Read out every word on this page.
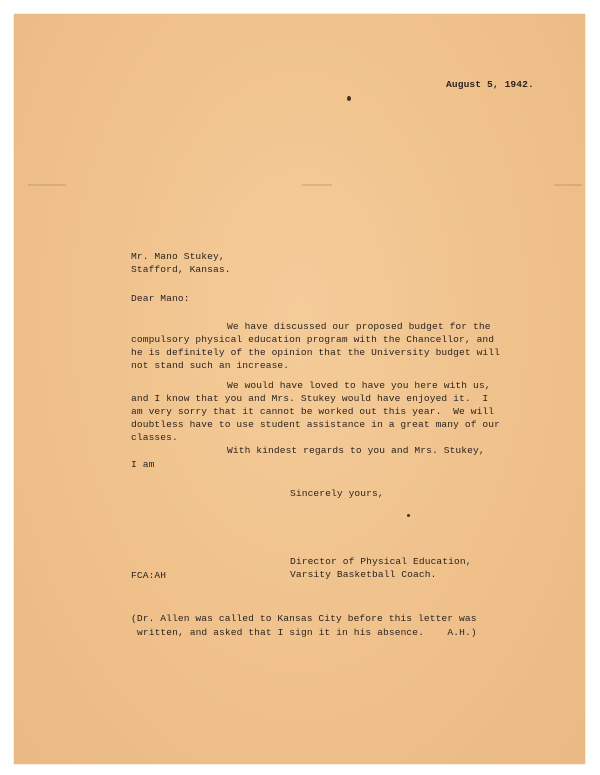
August 5, 1942.
Mr. Mano Stukey,
Stafford, Kansas.
Dear Mano:
We have discussed our proposed budget for the
compulsory physical education program with the Chancellor, and
he is definitely of the opinion that the University budget will
not stand such an increase.
We would have loved to have you here with us,
and I know that you and Mrs. Stukey would have enjoyed it.  I
am very sorry that it cannot be worked out this year.  We will
doubtless have to use student assistance in a great many of our
classes.
With kindest regards to you and Mrs. Stukey,
I am
Sincerely yours,
Director of Physical Education,
Varsity Basketball Coach.
FCA:AH
(Dr. Allen was called to Kansas City before this letter was
written, and asked that I sign it in his absence.    A.H.)
